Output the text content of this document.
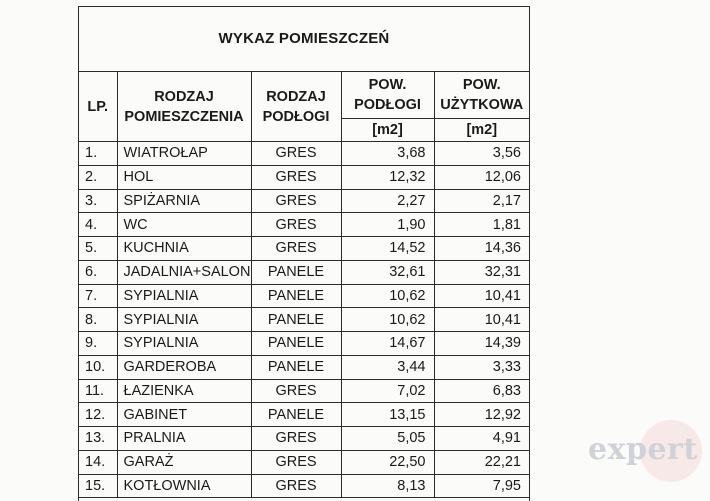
WYKAZ POMIESZCZEŃ
LP.	RODZAJ POMIESZCZENIA	RODZAJ PODŁOGI	POW. PODŁOGI	POW. UŻYTKOWA
			[m2]	[m2]
1.	WIATROŁAP	GRES	3,68	3,56
2.	HOL	GRES	12,32	12,06
3.	SPIŻARNIA	GRES	2,27	2,17
4.	WC	GRES	1,90	1,81
5.	KUCHNIA	GRES	14,52	14,36
6.	JADALNIA+SALON	PANELE	32,61	32,31
7.	SYPIALNIA	PANELE	10,62	10,41
8.	SYPIALNIA	PANELE	10,62	10,41
9.	SYPIALNIA	PANELE	14,67	14,39
10.	GARDEROBA	PANELE	3,44	3,33
11.	ŁAZIENKA	GRES	7,02	6,83
12.	GABINET	PANELE	13,15	12,92
13.	PRALNIA	GRES	5,05	4,91
14.	GARAŻ	GRES	22,50	22,21
15.	KOTŁOWNIA	GRES	8,13	7,95
expert
